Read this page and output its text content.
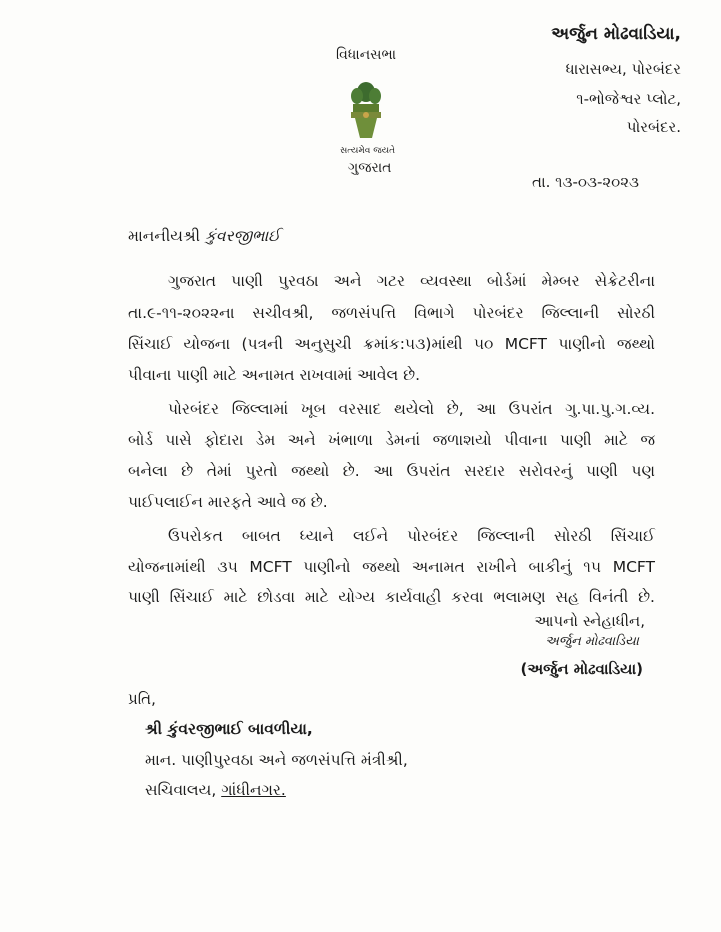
વિધાનસભા
સત્યમેવ જયતે
ગુજરાત
અર્જુન મોઢવાડિયા,
ધારાસભ્ય, પોરબંદર
૧-ભોજેશ્વર પ્લોટ,
પોરબંદર.
તા. ૧૩-૦૩-૨૦૨૩
માનનીયશ્રી કુંવરજીભાઈ
ગુજરાત પાણી પુરવઠા અને ગટર વ્યવસ્થા બોર્ડમાં મેમ્બર સેક્રેટરીના
તા.૯-૧૧-૨૦૨૨ના સચીવશ્રી, જળસંપત્તિ વિભાગે પોરબંદર જિલ્લાની સોરઠી
સિંચાઈ યોજના (પત્રની અનુસુચી ક્રમાંક:૫૩)માંથી ૫૦ MCFT પાણીનો જથ્થો
પીવાના પાણી માટે અનામત રાખવામાં આવેલ છે.
પોરબંદર જિલ્લામાં ખૂબ વરસાદ થયેલો છે, આ ઉપરાંત ગુ.પા.પુ.ગ.વ્ય.
બોર્ડ પાસે ફોદારા ડેમ અને ખંભાળા ડેમનાં જળાશયો પીવાના પાણી માટે જ
બનેલા છે તેમાં પુરતો જથ્થો છે. આ ઉપરાંત સરદાર સરોવરનું પાણી પણ
પાઈપલાઈન મારફતે આવે જ છે.
ઉપરોકત બાબત ધ્યાને લઈને પોરબંદર જિલ્લાની સોરઠી સિંચાઈ
યોજનામાંથી ૩૫ MCFT પાણીનો જથ્થો અનામત રાખીને બાકીનું ૧૫ MCFT
પાણી સિંચાઈ માટે છોડવા માટે યોગ્ય કાર્યવાહી કરવા ભલામણ સહ વિનંતી છે.
આપનો સ્નેહાધીન,
અર્જુન મોઢવાડિયા
(અર્જુન મોઢવાડિયા)
પ્રતિ,
શ્રી કુંવરજીભાઈ બાવળીયા,
માન. પાણીપુરવઠા અને જળસંપત્તિ મંત્રીશ્રી,
સચિવાલય, ગાંધીનગર.
